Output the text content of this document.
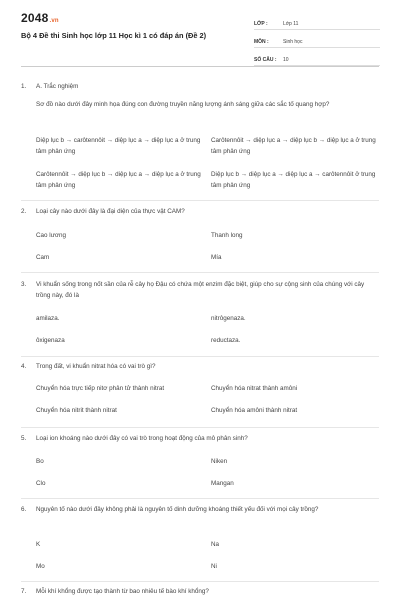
2048.vn
Bộ 4 Đề thi Sinh học lớp 11 Học kì 1 có đáp án (Đề 2)
LỚP :	Lớp 11
MÔN :	Sinh học
SỐ CÂU :	10
1. A. Trắc nghiệm
Sơ đồ nào dưới đây minh họa đúng con đường truyền năng lượng ánh sáng giữa các sắc tố quang hợp?
Diệp lục b → carôtennôit → diệp lục a → diệp lục a ở trung tâm phản ứng
Carôtennôit → diệp lục a → diệp lục b → diệp lục a ở trung tâm phản ứng
Carôtennôit → diệp lục b → diệp lục a → diệp lục a ở trung tâm phản ứng
Diệp lục b → diệp lục a → diệp lục a → carôtennôit ở trung tâm phản ứng
2. Loại cây nào dưới đây là đại diện của thực vật CAM?
Cao lương	Thanh long
Cam	Mía
3. Vi khuẩn sống trong nốt sần của rễ cây họ Đậu có chứa một enzim đặc biệt, giúp cho sự cộng sinh của chúng với cây trồng này, đó là
amilaza.	nitrôgenaza.
ôxigenaza	reductaza.
4. Trong đất, vi khuẩn nitrat hóa có vai trò gì?
Chuyển hóa trực tiếp nitơ phân tử thành nitrat	Chuyển hóa nitrat thành amôni
Chuyển hóa nitrit thành nitrat	Chuyển hóa amôni thành nitrat
5. Loại ion khoáng nào dưới đây có vai trò trong hoạt động của mô phân sinh?
Bo	Niken
Clo	Mangan
6. Nguyên tố nào dưới đây không phải là nguyên tố dinh dưỡng khoáng thiết yếu đối với mọi cây trồng?
K	Na
Mo	Ni
7. Mỗi khí khổng được tạo thành từ bao nhiêu tế bào khí khổng?
